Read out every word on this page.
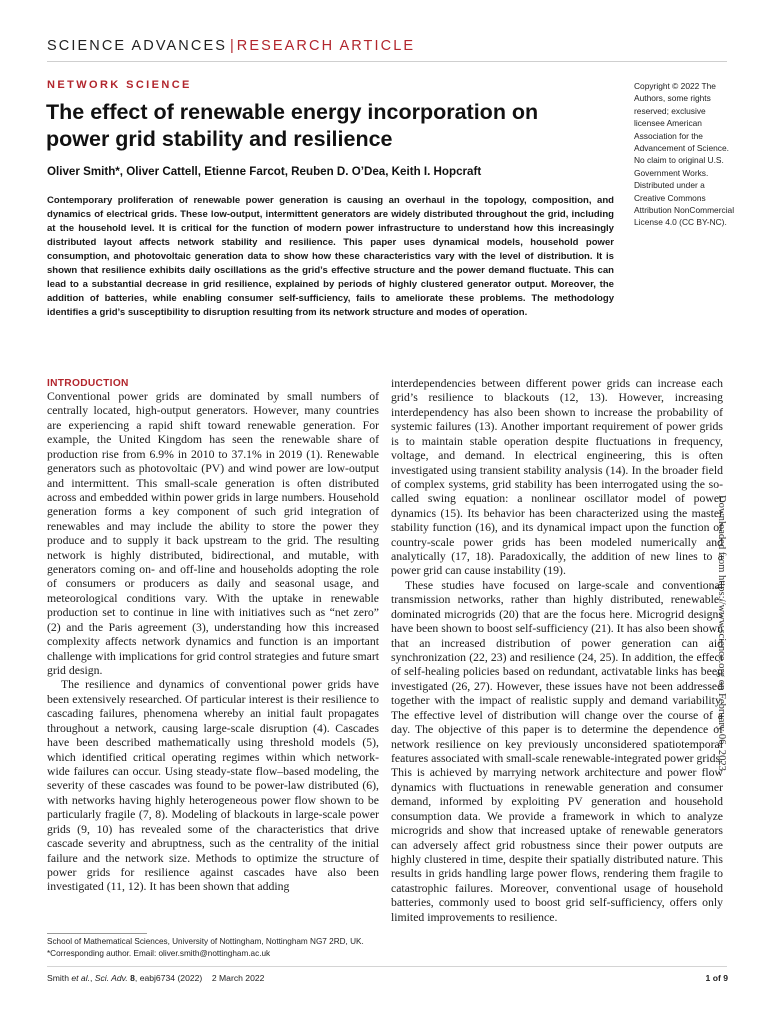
SCIENCE ADVANCES | RESEARCH ARTICLE
NETWORK SCIENCE
The effect of renewable energy incorporation on power grid stability and resilience
Oliver Smith*, Oliver Cattell, Etienne Farcot, Reuben D. O’Dea, Keith I. Hopcraft

Contemporary proliferation of renewable power generation is causing an overhaul in the topology, composition, and dynamics of electrical grids. These low-output, intermittent generators are widely distributed throughout the grid, including at the household level. It is critical for the function of modern power infrastructure to understand how this increasingly distributed layout affects network stability and resilience. This paper uses dynamical models, household power consumption, and photovoltaic generation data to show how these characteristics vary with the level of distribution. It is shown that resilience exhibits daily oscillations as the grid’s effective structure and the power demand fluctuate. This can lead to a substantial decrease in grid resilience, explained by periods of highly clustered generator output. Moreover, the addition of batteries, while enabling consumer self-sufficiency, fails to ameliorate these problems. The methodology identifies a grid’s susceptibility to disruption resulting from its network structure and modes of operation.

Copyright © 2022 The Authors, some rights reserved; exclusive licensee American Association for the Advancement of Science. No claim to original U.S. Government Works. Distributed under a Creative Commons Attribution NonCommercial License 4.0 (CC BY-NC).
INTRODUCTION

Conventional power grids are dominated by small numbers of centrally located, high-output generators. However, many countries are experiencing a rapid shift toward renewable generation. For example, the United Kingdom has seen the renewable share of production rise from 6.9% in 2010 to 37.1% in 2019 (1). Renewable generators such as photovoltaic (PV) and wind power are low-output and intermittent. This small-scale generation is often distributed across and embedded within power grids in large numbers. Household generation forms a key component of such grid integration of renewables and may include the ability to store the power they produce and to supply it back upstream to the grid. The resulting network is highly distributed, bidirectional, and mutable, with generators coming on- and off-line and households adopting the role of consumers or producers as daily and seasonal usage, and meteorological conditions vary. With the uptake in renewable production set to continue in line with initiatives such as “net zero” (2) and the Paris agreement (3), understanding how this increased complexity affects network dynamics and function is an important challenge with implications for grid control strategies and future smart grid design.

The resilience and dynamics of conventional power grids have been extensively researched. Of particular interest is their resilience to cascading failures, phenomena whereby an initial fault propagates throughout a network, causing large-scale disruption (4). Cascades have been described mathematically using threshold models (5), which identified critical operating regimes within which network-wide failures can occur. Using steady-state flow–based modeling, the severity of these cascades was found to be power-law distributed (6), with networks having highly heterogeneous power flow shown to be particularly fragile (7, 8). Modeling of blackouts in large-scale power grids (9, 10) has revealed some of the characteristics that drive cascade severity and abruptness, such as the centrality of the initial failure and the network size. Methods to optimize the structure of power grids for resilience against cascades have also been investigated (11, 12). It has been shown that adding

interdependencies between different power grids can increase each grid’s resilience to blackouts (12, 13). However, increasing interdependency has also been shown to increase the probability of systemic failures (13). Another important requirement of power grids is to maintain stable operation despite fluctuations in frequency, voltage, and demand. In electrical engineering, this is often investigated using transient stability analysis (14). In the broader field of complex systems, grid stability has been interrogated using the so-called swing equation: a nonlinear oscillator model of power dynamics (15). Its behavior has been characterized using the master stability function (16), and its dynamical impact upon the function of country-scale power grids has been modeled numerically and analytically (17, 18). Paradoxically, the addition of new lines to a power grid can cause instability (19).

These studies have focused on large-scale and conventional transmission networks, rather than highly distributed, renewable-dominated microgrids (20) that are the focus here. Microgrid designs have been shown to boost self-sufficiency (21). It has also been shown that an increased distribution of power generation can aid synchronization (22, 23) and resilience (24, 25). In addition, the effect of self-healing policies based on redundant, activatable links has been investigated (26, 27). However, these issues have not been addressed together with the impact of realistic supply and demand variability. The effective level of distribution will change over the course of a day. The objective of this paper is to determine the dependence of network resilience on key previously unconsidered spatiotemporal features associated with small-scale renewable-integrated power grids. This is achieved by marrying network architecture and power flow dynamics with fluctuations in renewable generation and consumer demand, informed by exploiting PV generation and household consumption data. We provide a framework in which to analyze microgrids and show that increased uptake of renewable generators can adversely affect grid robustness since their power outputs are highly clustered in time, despite their spatially distributed nature. This results in grids handling large power flows, rendering them fragile to catastrophic failures. Moreover, conventional usage of household batteries, commonly used to boost grid self-sufficiency, offers only limited improvements to resilience.

School of Mathematical Sciences, University of Nottingham, Nottingham NG7 2RD, UK.
*Corresponding author. Email: oliver.smith@nottingham.ac.uk
Downloaded from https://www.science.org on February 06, 2023
Smith et al., Sci. Adv. 8, eabj6734 (2022) 2 March 2022	1 of 9
